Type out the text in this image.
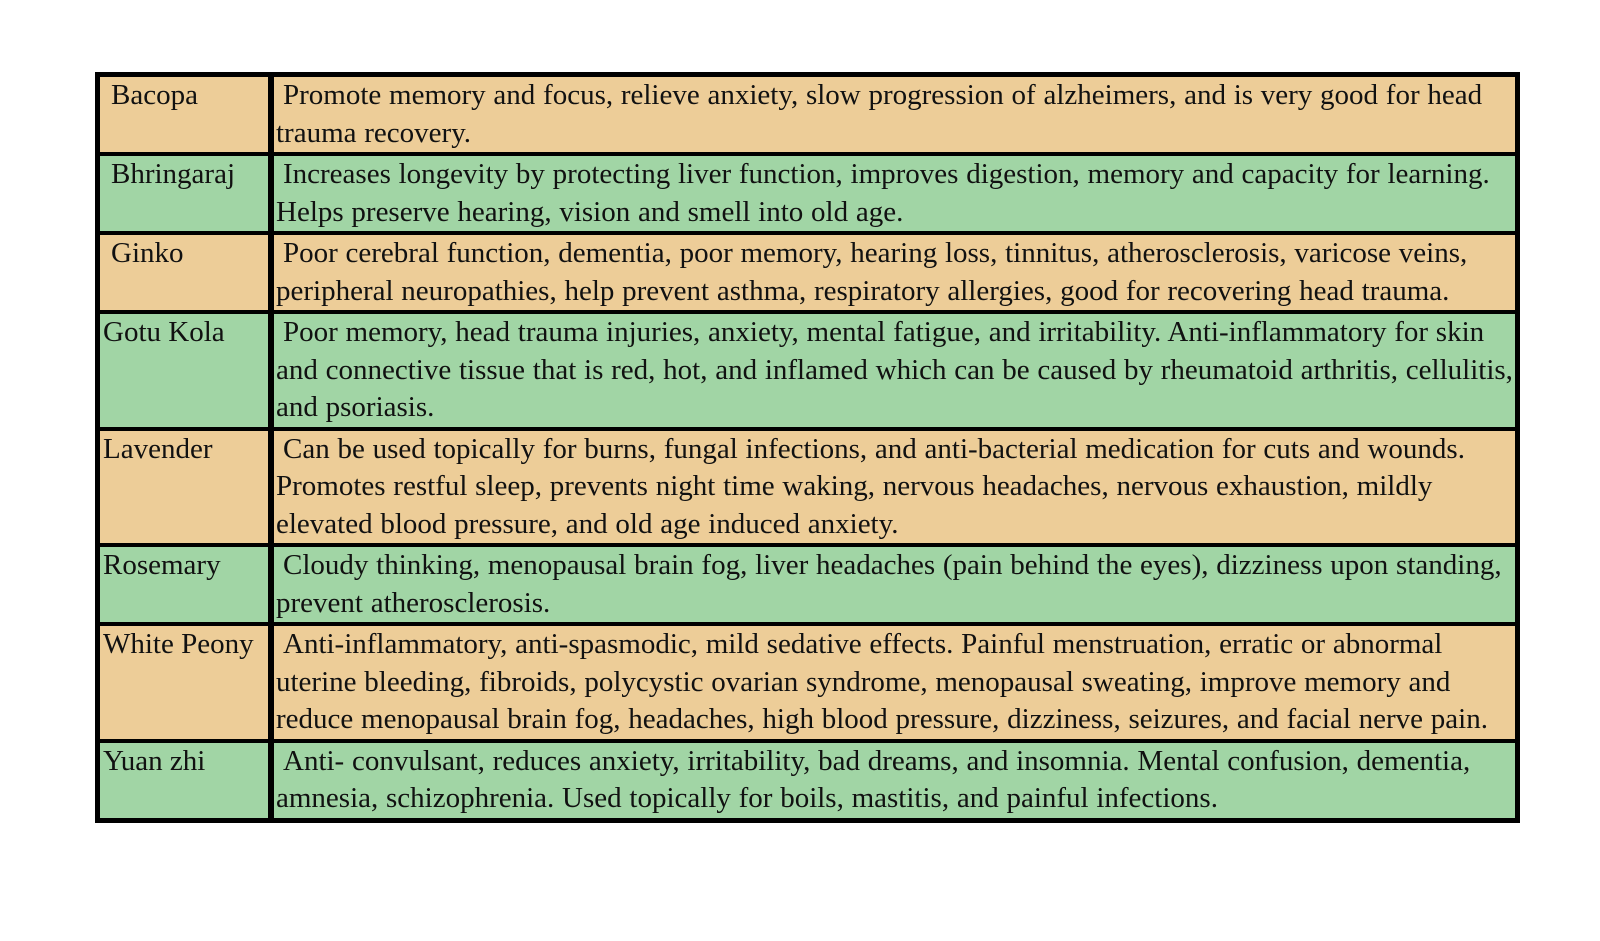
Bacopa	Promote memory and focus, relieve anxiety, slow progression of alzheimers, and is very good for head trauma recovery.
Bhringaraj	Increases longevity by protecting liver function, improves digestion, memory and capacity for learning. Helps preserve hearing, vision and smell into old age.
Ginko	Poor cerebral function, dementia, poor memory, hearing loss, tinnitus, atherosclerosis, varicose veins, peripheral neuropathies, help prevent asthma, respiratory allergies, good for recovering head trauma.
Gotu Kola	Poor memory, head trauma injuries, anxiety, mental fatigue, and irritability. Anti-inflammatory for skin and connective tissue that is red, hot, and inflamed which can be caused by rheumatoid arthritis, cellulitis, and psoriasis.
Lavender	Can be used topically for burns, fungal infections, and anti-bacterial medication for cuts and wounds. Promotes restful sleep, prevents night time waking, nervous headaches, nervous exhaustion, mildly elevated blood pressure, and old age induced anxiety.
Rosemary	Cloudy thinking, menopausal brain fog, liver headaches (pain behind the eyes), dizziness upon standing, prevent atherosclerosis.
White Peony	Anti-inflammatory, anti-spasmodic, mild sedative effects. Painful menstruation, erratic or abnormal uterine bleeding, fibroids, polycystic ovarian syndrome, menopausal sweating, improve memory and reduce menopausal brain fog, headaches, high blood pressure, dizziness, seizures, and facial nerve pain.
Yuan zhi	Anti- convulsant, reduces anxiety, irritability, bad dreams, and insomnia. Mental confusion, dementia, amnesia, schizophrenia. Used topically for boils, mastitis, and painful infections.
